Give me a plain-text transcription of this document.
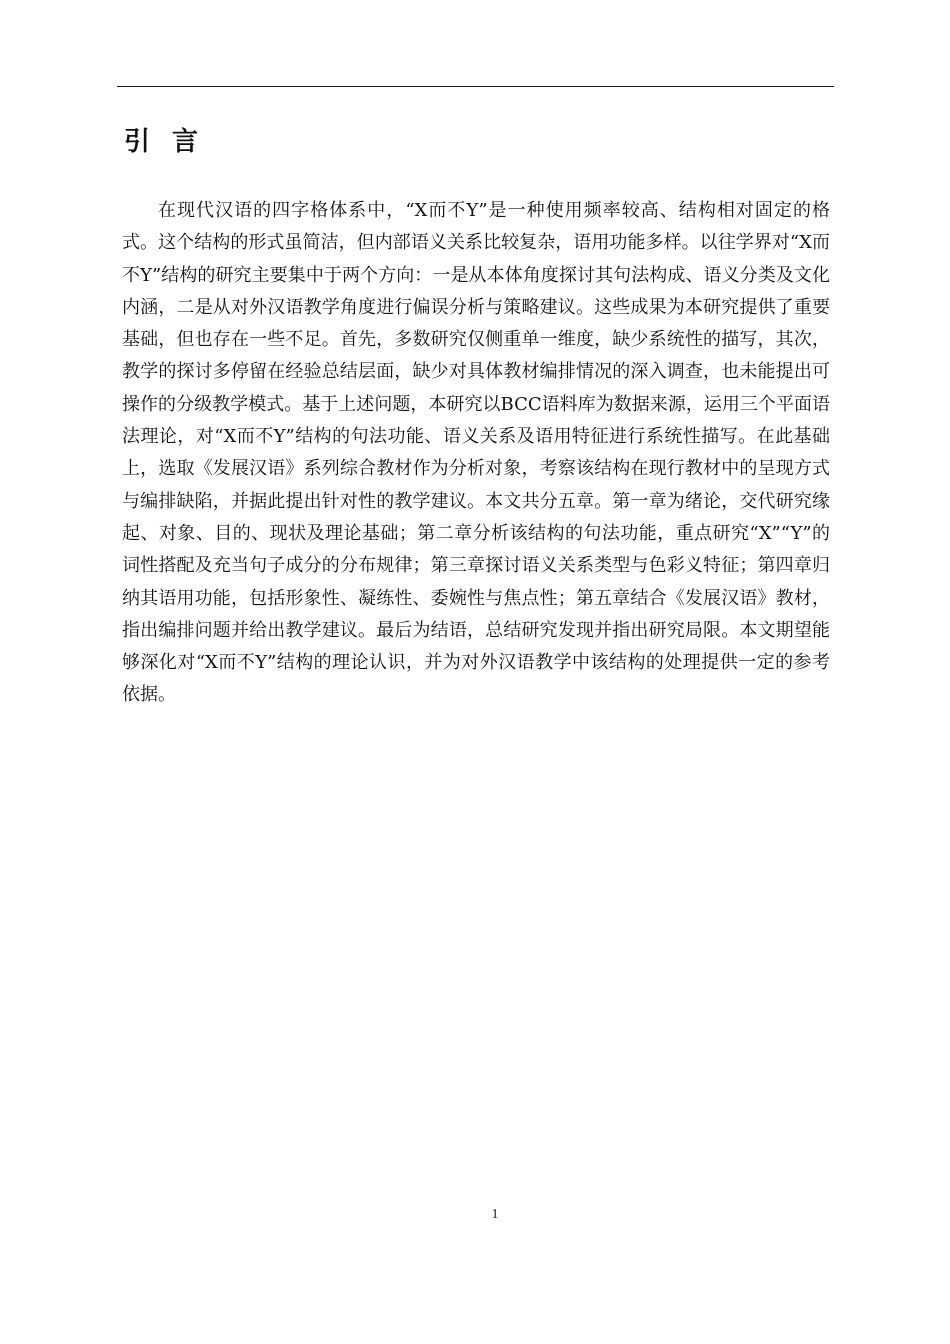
引言

在现代汉语的四字格体系中，“X而不Y”是一种使用频率较高、结构相对固定的格式。这个结构的形式虽简洁，但内部语义关系比较复杂，语用功能多样。以往学界对“X而不Y”结构的研究主要集中于两个方向：一是从本体角度探讨其句法构成、语义分类及文化内涵，二是从对外汉语教学角度进行偏误分析与策略建议。这些成果为本研究提供了重要基础，但也存在一些不足。首先，多数研究仅侧重单一维度，缺少系统性的描写，其次，教学的探讨多停留在经验总结层面，缺少对具体教材编排情况的深入调查，也未能提出可操作的分级教学模式。基于上述问题，本研究以BCC语料库为数据来源，运用三个平面语法理论，对“X而不Y”结构的句法功能、语义关系及语用特征进行系统性描写。在此基础上，选取《发展汉语》系列综合教材作为分析对象，考察该结构在现行教材中的呈现方式与编排缺陷，并据此提出针对性的教学建议。本文共分五章。第一章为绪论，交代研究缘起、对象、目的、现状及理论基础；第二章分析该结构的句法功能，重点研究“X”“Y”的词性搭配及充当句子成分的分布规律；第三章探讨语义关系类型与色彩义特征；第四章归纳其语用功能，包括形象性、凝练性、委婉性与焦点性；第五章结合《发展汉语》教材，指出编排问题并给出教学建议。最后为结语，总结研究发现并指出研究局限。本文期望能够深化对“X而不Y”结构的理论认识，并为对外汉语教学中该结构的处理提供一定的参考依据。

1
